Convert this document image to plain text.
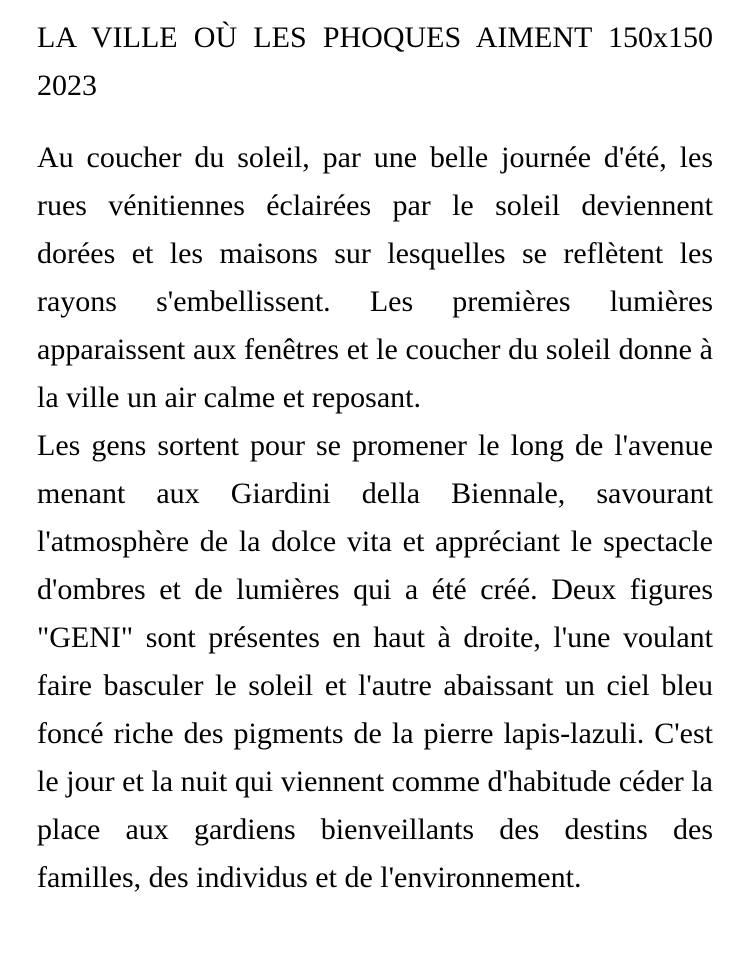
LA VILLE OÙ LES PHOQUES AIMENT 150x150 2023

Au coucher du soleil, par une belle journée d'été, les rues vénitiennes éclairées par le soleil deviennent dorées et les maisons sur lesquelles se reflètent les rayons s'embellissent. Les premières lumières apparaissent aux fenêtres et le coucher du soleil donne à la ville un air calme et reposant.

Les gens sortent pour se promener le long de l'avenue menant aux Giardini della Biennale, savourant l'atmosphère de la dolce vita et appréciant le spectacle d'ombres et de lumières qui a été créé. Deux figures "GENI" sont présentes en haut à droite, l'une voulant faire basculer le soleil et l'autre abaissant un ciel bleu foncé riche des pigments de la pierre lapis-lazuli. C'est le jour et la nuit qui viennent comme d'habitude céder la place aux gardiens bienveillants des destins des familles, des individus et de l'environnement.
